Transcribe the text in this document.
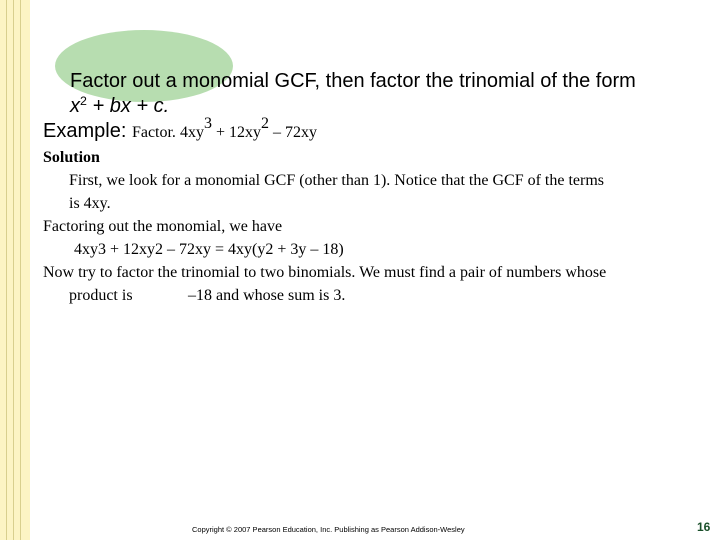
Factor out a monomial GCF, then factor the trinomial of the form
$x^2$ + bx + c.
Example: Factor. $4xy^3 + 12xy^2 - 72xy$
Solution
First, we look for a monomial GCF (other than 1). Notice that the GCF of the terms
is 4xy.
Factoring out the monomial, we have
4xy3 + 12xy2 – 72xy = 4xy(y2 + 3y – 18)
Now try to factor the trinomial to two binomials. We must find a pair of numbers whose
product is	–18 and whose sum is 3.
Copyright © 2007 Pearson Education, Inc. Publishing as Pearson Addison-Wesley	16
